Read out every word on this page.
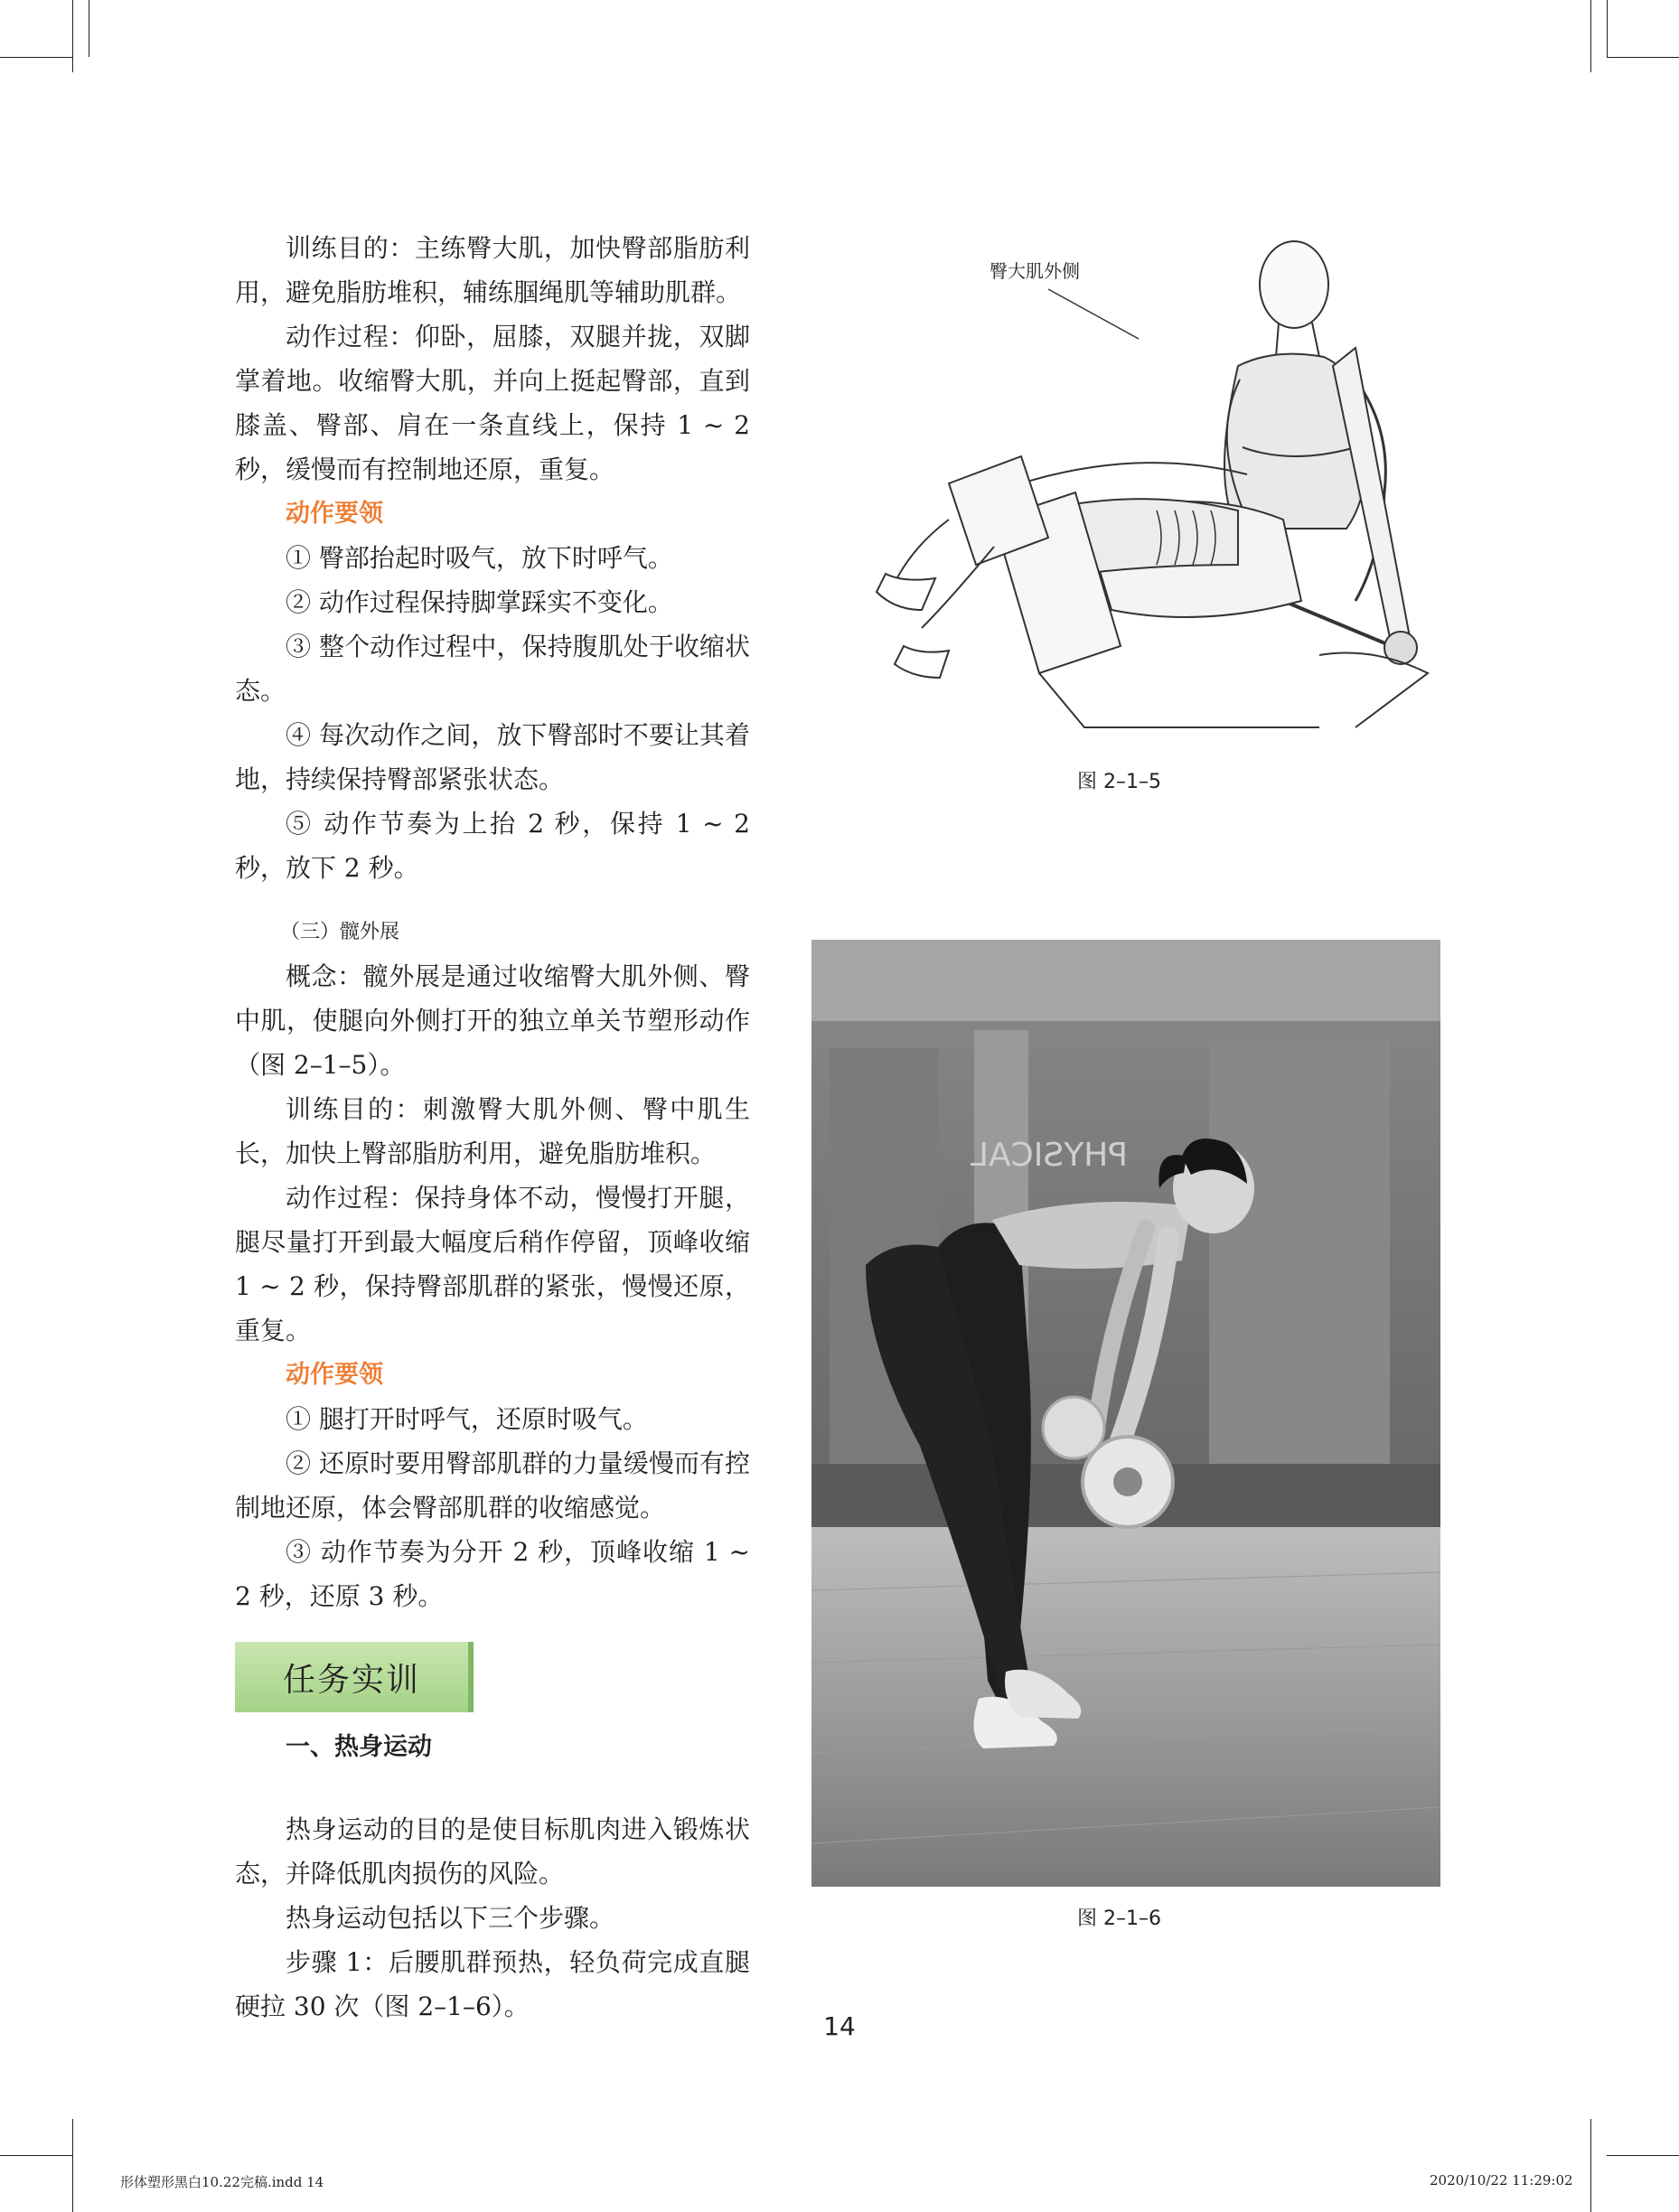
训练目的：主练臀大肌，加快臀部脂肪利用，避免脂肪堆积，辅练腘绳肌等辅助肌群。

动作过程：仰卧，屈膝，双腿并拢，双脚掌着地。收缩臀大肌，并向上挺起臀部，直到膝盖、臀部、肩在一条直线上，保持 1 ~ 2 秒，缓慢而有控制地还原，重复。

动作要领

① 臀部抬起时吸气，放下时呼气。

② 动作过程保持脚掌踩实不变化。

③ 整个动作过程中，保持腹肌处于收缩状态。

④ 每次动作之间，放下臀部时不要让其着地，持续保持臀部紧张状态。

⑤ 动作节奏为上抬 2 秒，保持 1 ~ 2 秒，放下 2 秒。

（三）髋外展

概念：髋外展是通过收缩臀大肌外侧、臀中肌，使腿向外侧打开的独立单关节塑形动作（图 2–1–5）。

训练目的：刺激臀大肌外侧、臀中肌生长，加快上臀部脂肪利用，避免脂肪堆积。

动作过程：保持身体不动，慢慢打开腿，腿尽量打开到最大幅度后稍作停留，顶峰收缩 1 ~ 2 秒，保持臀部肌群的紧张，慢慢还原，重复。

动作要领

① 腿打开时呼气，还原时吸气。

② 还原时要用臀部肌群的力量缓慢而有控制地还原，体会臀部肌群的收缩感觉。

③ 动作节奏为分开 2 秒，顶峰收缩 1 ~ 2 秒，还原 3 秒。

任务实训
一、热身运动

热身运动的目的是使目标肌肉进入锻炼状态，并降低肌肉损伤的风险。

热身运动包括以下三个步骤。

步骤 1：后腰肌群预热，轻负荷完成直腿硬拉 30 次（图 2–1–6）。

臀大肌外侧
图 2–1–5
PHYSICAL
图 2–1–6
14
形体塑形黑白10.22完稿.indd 14	2020/10/22 11:29:02
